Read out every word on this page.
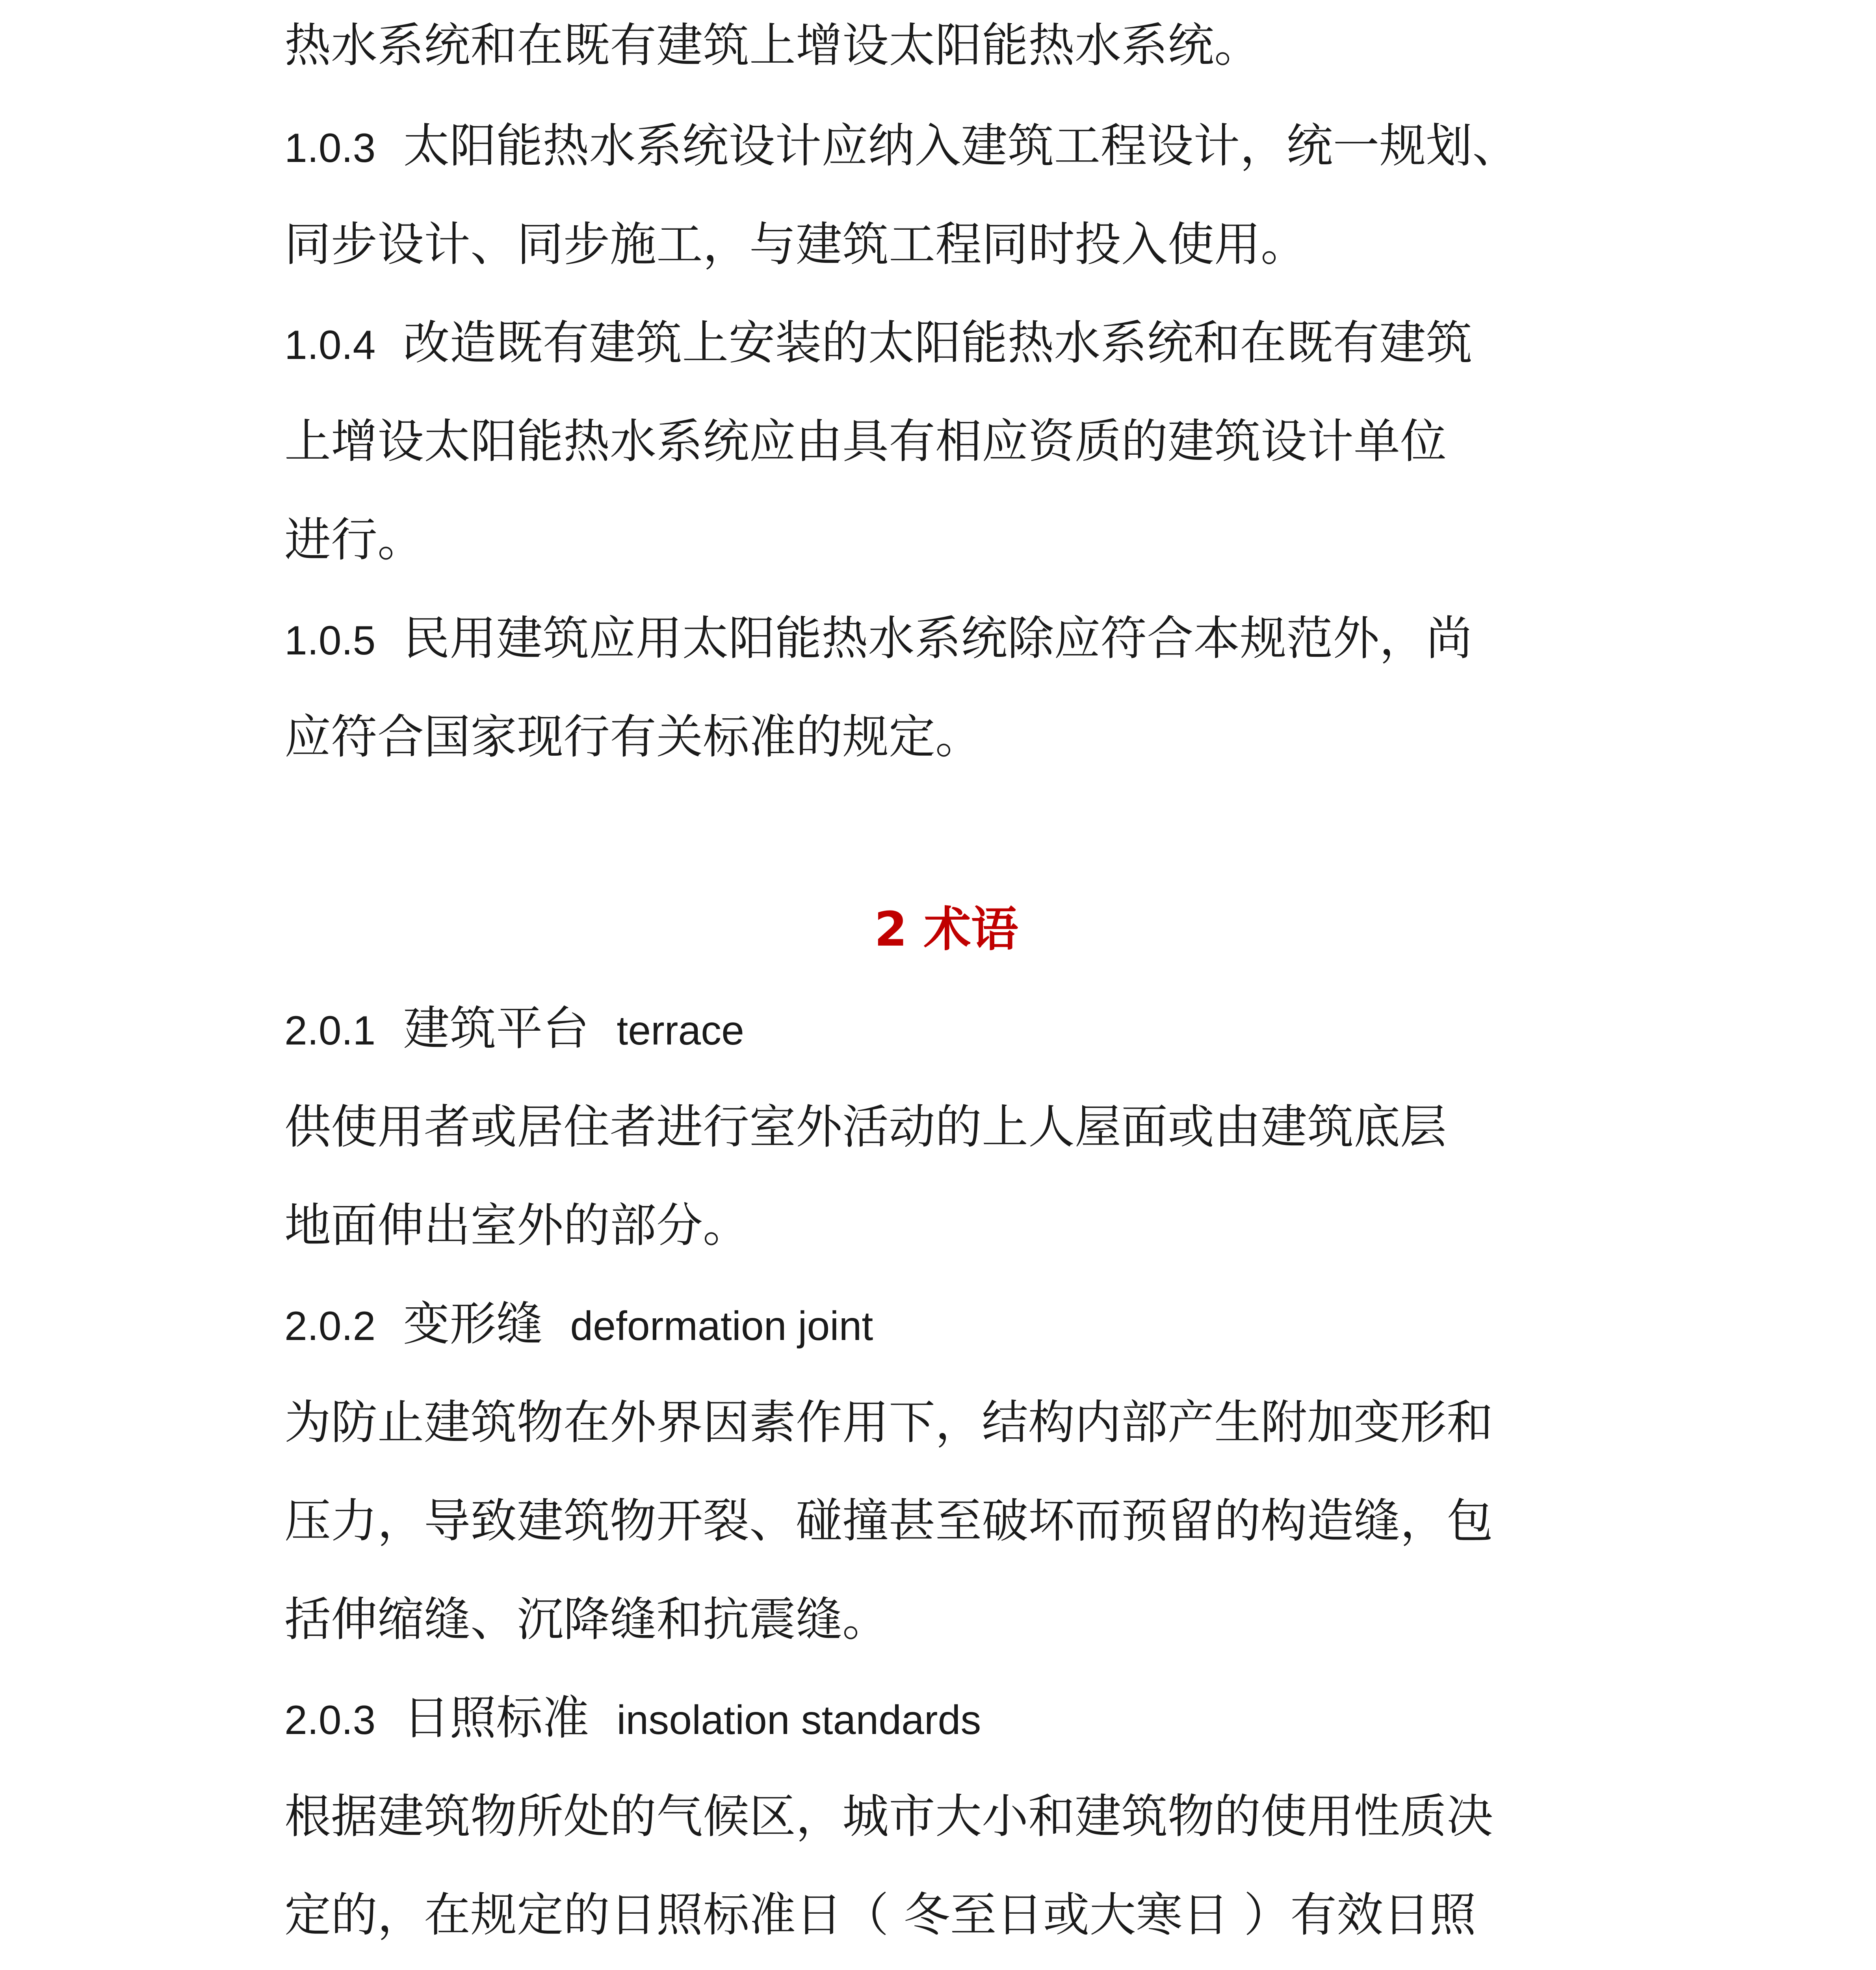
热水系统和在既有建筑上增设太阳能热水系统。
1.0.3 太阳能热水系统设计应纳入建筑工程设计，统一规划、
同步设计、同步施工，与建筑工程同时投入使用。
1.0.4 改造既有建筑上安装的太阳能热水系统和在既有建筑
上增设太阳能热水系统应由具有相应资质的建筑设计单位
进行。
1.0.5 民用建筑应用太阳能热水系统除应符合本规范外，尚
应符合国家现行有关标准的规定。
2 术语
2.0.1 建筑平台 terrace
供使用者或居住者进行室外活动的上人屋面或由建筑底层
地面伸出室外的部分。
2.0.2 变形缝 deformation joint
为防止建筑物在外界因素作用下，结构内部产生附加变形和
压力，导致建筑物开裂、碰撞甚至破坏而预留的构造缝，包
括伸缩缝、沉降缝和抗震缝。
2.0.3 日照标准 insolation standards
根据建筑物所处的气候区，城市大小和建筑物的使用性质决
定的，在规定的日照标准日（ 冬至日或大寒日 ）有效日照
